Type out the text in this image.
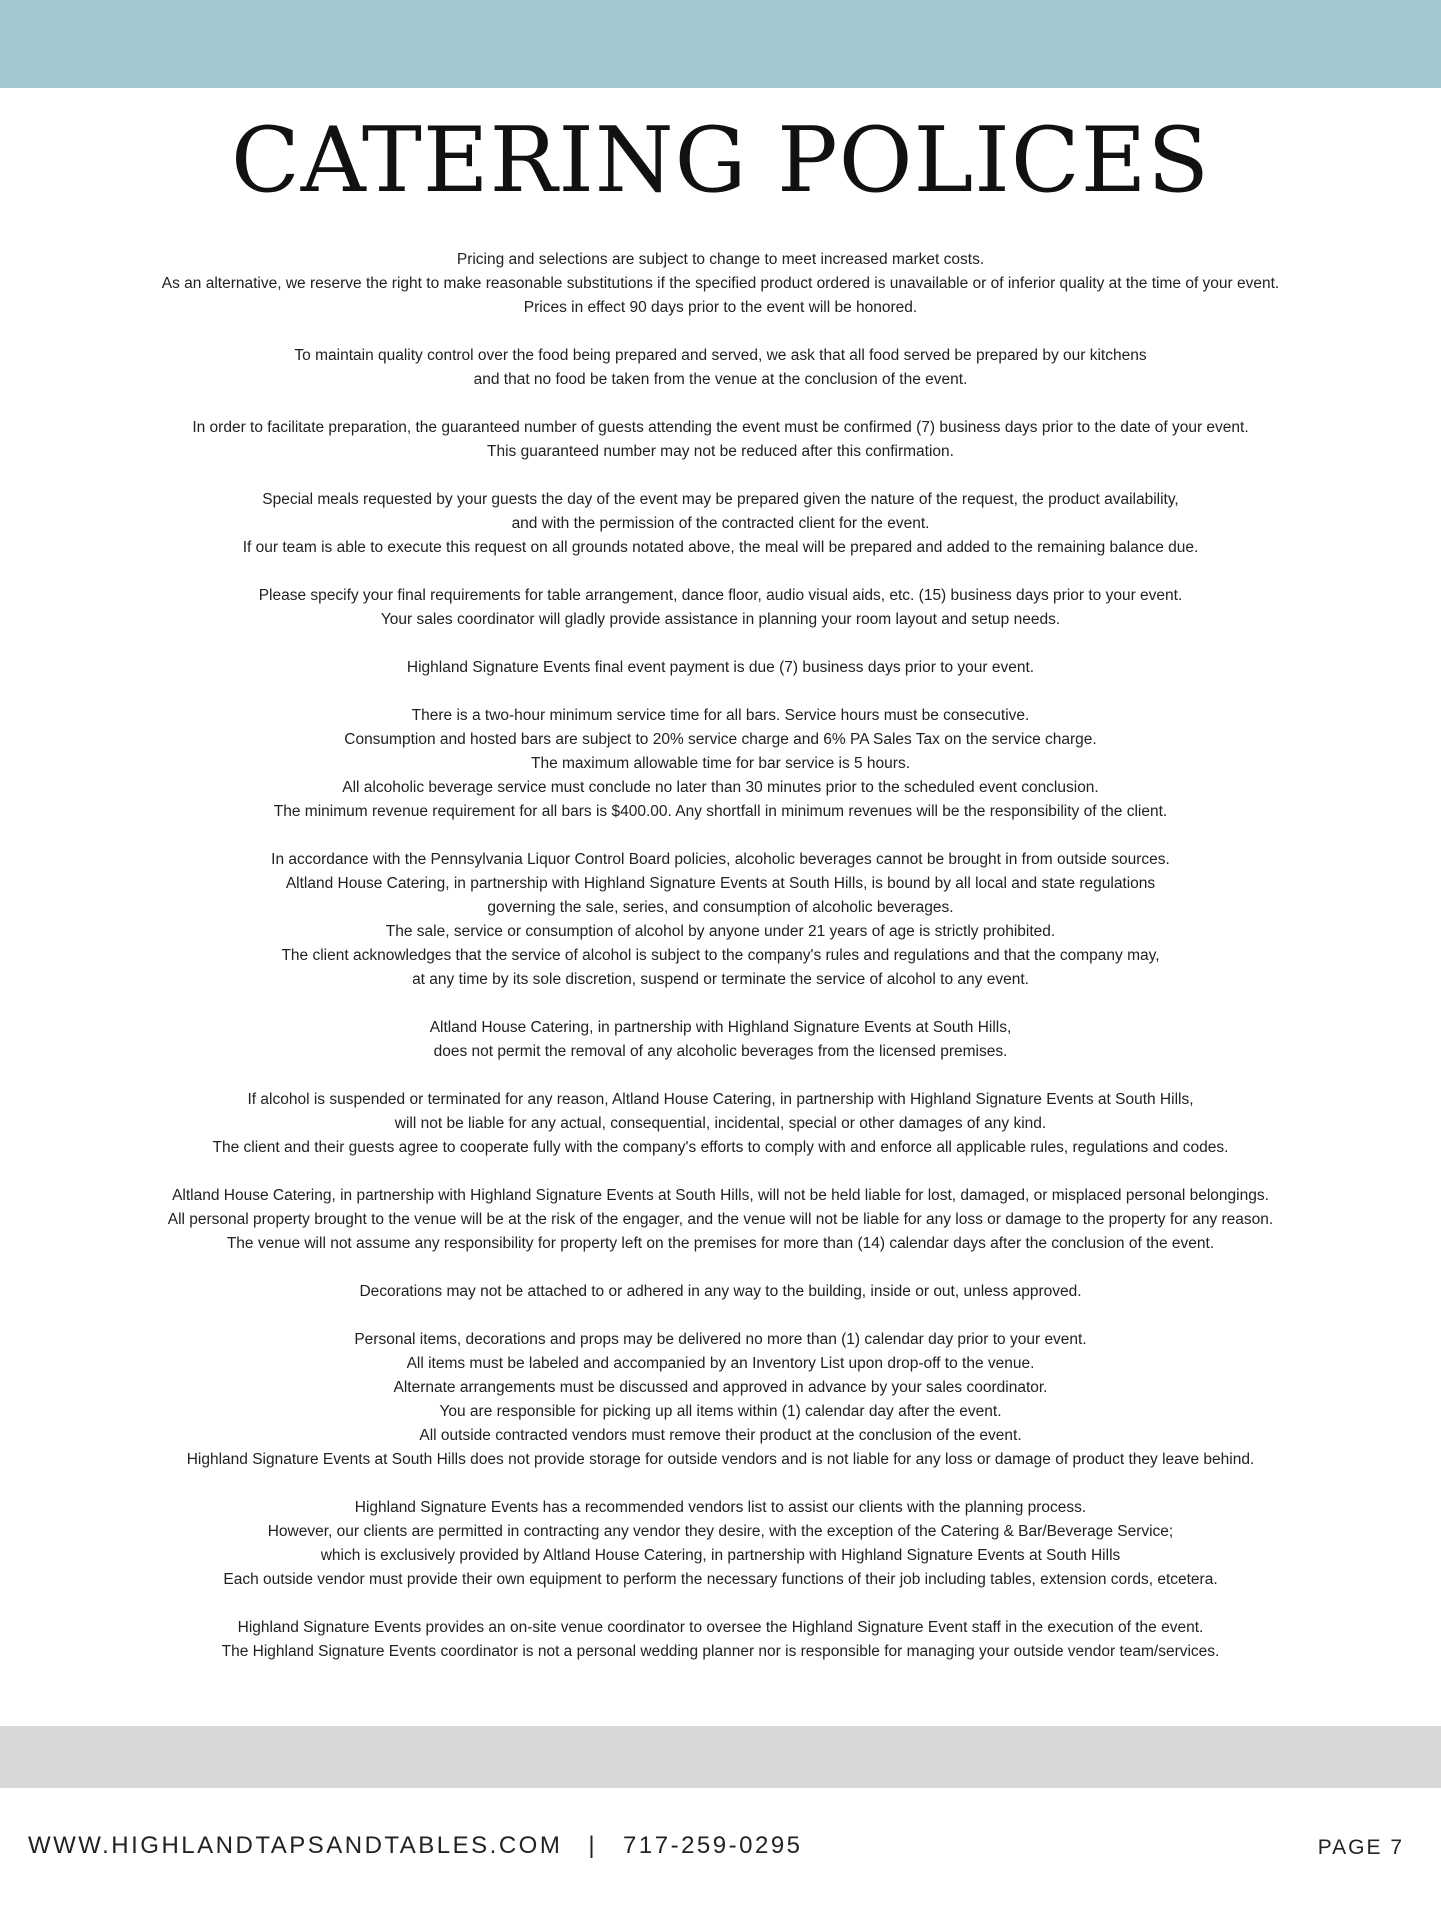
CATERING POLICES

Pricing and selections are subject to change to meet increased market costs.
As an alternative, we reserve the right to make reasonable substitutions if the specified product ordered is unavailable or of inferior quality at the time of your event.
Prices in effect 90 days prior to the event will be honored.

To maintain quality control over the food being prepared and served, we ask that all food served be prepared by our kitchens
and that no food be taken from the venue at the conclusion of the event.

In order to facilitate preparation, the guaranteed number of guests attending the event must be confirmed (7) business days prior to the date of your event.
This guaranteed number may not be reduced after this confirmation.

Special meals requested by your guests the day of the event may be prepared given the nature of the request, the product availability,
and with the permission of the contracted client for the event.
If our team is able to execute this request on all grounds notated above, the meal will be prepared and added to the remaining balance due.

Please specify your final requirements for table arrangement, dance floor, audio visual aids, etc. (15) business days prior to your event.
Your sales coordinator will gladly provide assistance in planning your room layout and setup needs.

Highland Signature Events final event payment is due (7) business days prior to your event.

There is a two-hour minimum service time for all bars. Service hours must be consecutive.
Consumption and hosted bars are subject to 20% service charge and 6% PA Sales Tax on the service charge.
The maximum allowable time for bar service is 5 hours.
All alcoholic beverage service must conclude no later than 30 minutes prior to the scheduled event conclusion.
The minimum revenue requirement for all bars is $400.00. Any shortfall in minimum revenues will be the responsibility of the client.

In accordance with the Pennsylvania Liquor Control Board policies, alcoholic beverages cannot be brought in from outside sources.
Altland House Catering, in partnership with Highland Signature Events at South Hills, is bound by all local and state regulations
governing the sale, series, and consumption of alcoholic beverages.
The sale, service or consumption of alcohol by anyone under 21 years of age is strictly prohibited.
The client acknowledges that the service of alcohol is subject to the company's rules and regulations and that the company may,
at any time by its sole discretion, suspend or terminate the service of alcohol to any event.

Altland House Catering, in partnership with Highland Signature Events at South Hills,
does not permit the removal of any alcoholic beverages from the licensed premises.

If alcohol is suspended or terminated for any reason, Altland House Catering, in partnership with Highland Signature Events at South Hills,
will not be liable for any actual, consequential, incidental, special or other damages of any kind.
The client and their guests agree to cooperate fully with the company's efforts to comply with and enforce all applicable rules, regulations and codes.

Altland House Catering, in partnership with Highland Signature Events at South Hills, will not be held liable for lost, damaged, or misplaced personal belongings.
All personal property brought to the venue will be at the risk of the engager, and the venue will not be liable for any loss or damage to the property for any reason.
The venue will not assume any responsibility for property left on the premises for more than (14) calendar days after the conclusion of the event.

Decorations may not be attached to or adhered in any way to the building, inside or out, unless approved.

Personal items, decorations and props may be delivered no more than (1) calendar day prior to your event.
All items must be labeled and accompanied by an Inventory List upon drop-off to the venue.
Alternate arrangements must be discussed and approved in advance by your sales coordinator.
You are responsible for picking up all items within (1) calendar day after the event.
All outside contracted vendors must remove their product at the conclusion of the event.
Highland Signature Events at South Hills does not provide storage for outside vendors and is not liable for any loss or damage of product they leave behind.

Highland Signature Events has a recommended vendors list to assist our clients with the planning process.
However, our clients are permitted in contracting any vendor they desire, with the exception of the Catering & Bar/Beverage Service;
which is exclusively provided by Altland House Catering, in partnership with Highland Signature Events at South Hills
Each outside vendor must provide their own equipment to perform the necessary functions of their job including tables, extension cords, etcetera.

Highland Signature Events provides an on-site venue coordinator to oversee the Highland Signature Event staff in the execution of the event.
The Highland Signature Events coordinator is not a personal wedding planner nor is responsible for managing your outside vendor team/services.

WWW.HIGHLANDTAPSANDTABLES.COM | 717-259-0295	PAGE 7
